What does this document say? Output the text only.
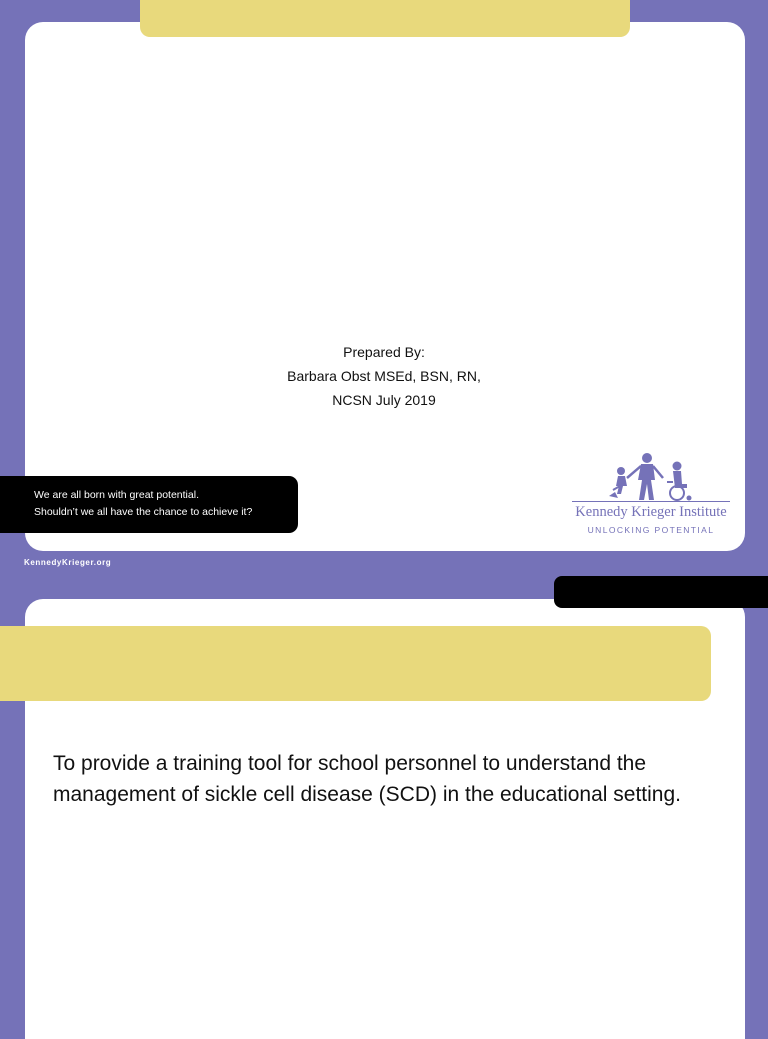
Prepared By:
Barbara Obst MSEd, BSN, RN,
NCSN July 2019
We are all born with great potential.
Shouldn’t we all have the chance to achieve it?
KennedyKrieger.org
Kennedy Krieger Institute
UNLOCKING POTENTIAL
To provide a training tool for school personnel to understand the management of sickle cell disease (SCD) in the educational setting.
